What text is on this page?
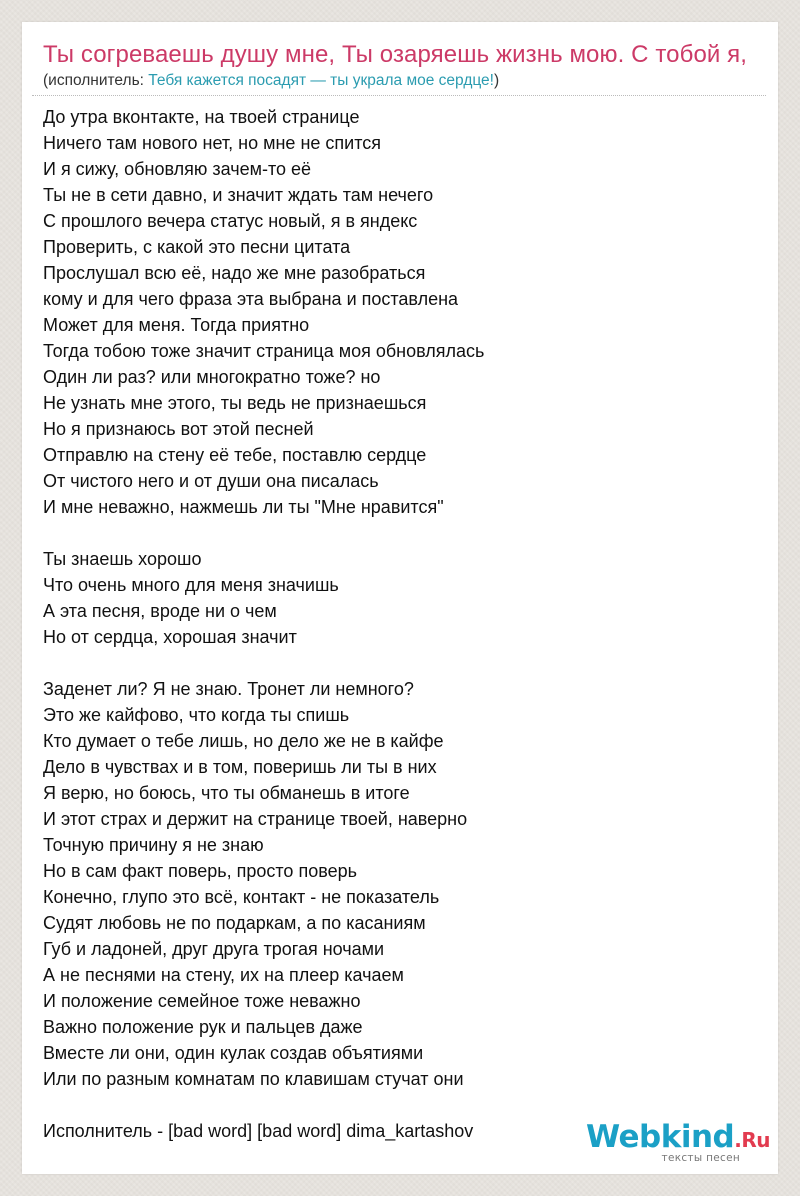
Ты согреваешь душу мне, Ты озаряешь жизнь мою. С тобой я,
(исполнитель: Тебя кажется посадят — ты украла мое сердце!)
До утра вконтакте, на твоей странице
Ничего там нового нет, но мне не спится
И я сижу, обновляю зачем-то её
Ты не в сети давно, и значит ждать там нечего
С прошлого вечера статус новый, я в яндекс
Проверить, с какой это песни цитата
Прослушал всю её, надо же мне разобраться
кому и для чего фраза эта выбрана и поставлена
Может для меня. Тогда приятно
Тогда тобою тоже значит страница моя обновлялась
Один ли раз? или многократно тоже? но
Не узнать мне этого, ты ведь не признаешься
Но я признаюсь вот этой песней
Отправлю на стену её тебе, поставлю сердце
От чистого него и от души она писалась
И мне неважно, нажмешь ли ты "Мне нравится"
Ты знаешь хорошо
Что очень много для меня значишь
А эта песня, вроде ни о чем
Но от сердца, хорошая значит
Заденет ли? Я не знаю. Тронет ли немного?
Это же кайфово, что когда ты спишь
Кто думает о тебе лишь, но дело же не в кайфе
Дело в чувствах и в том, поверишь ли ты в них
Я верю, но боюсь, что ты обманешь в итоге
И этот страх и держит на странице твоей, наверно
Точную причину я не знаю
Но в сам факт поверь, просто поверь
Конечно, глупо это всё, контакт - не показатель
Судят любовь не по подаркам, а по касаниям
Губ и ладоней, друг друга трогая ночами
А не песнями на стену, их на плеер качаем
И положение семейное тоже неважно
Важно положение рук и пальцев даже
Вместе ли они, один кулак создав объятиями
Или по разным комнатам по клавишам стучат они
Исполнитель - [bad word] [bad word] dima_kartashov	Webkind.Ru
тексты песен
